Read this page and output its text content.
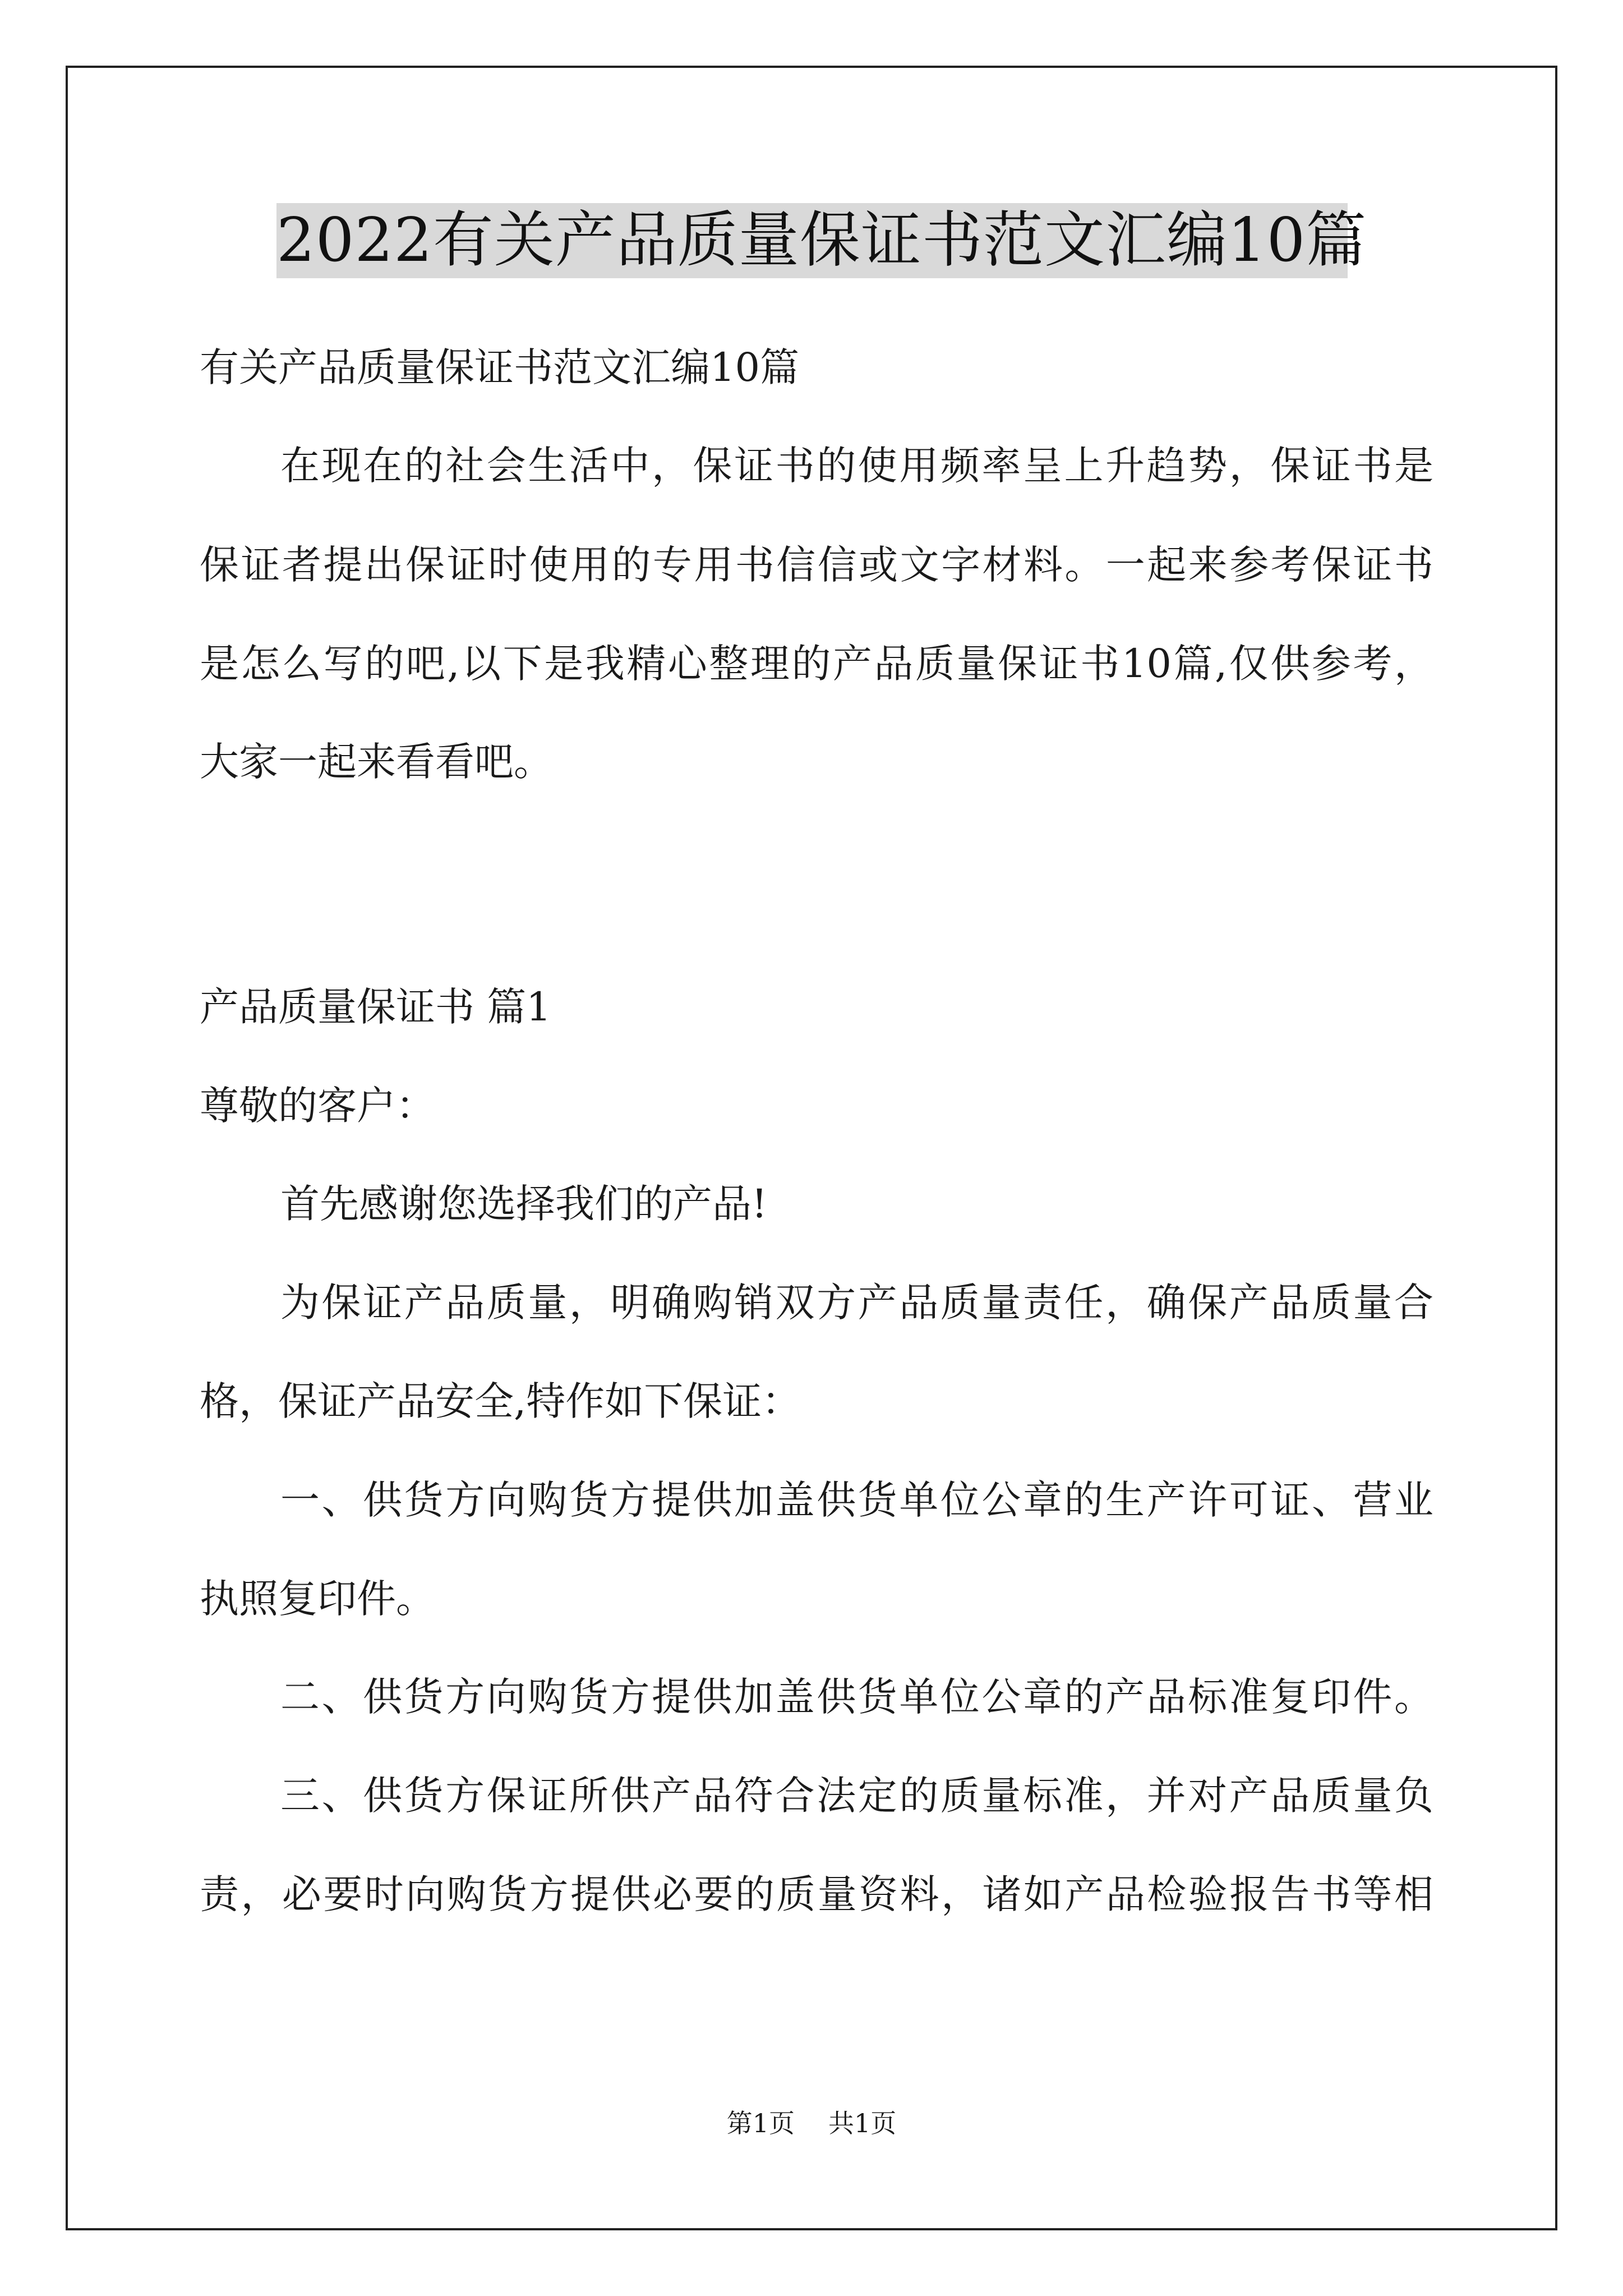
2022有关产品质量保证书范文汇编10篇
有关产品质量保证书范文汇编10篇
在现在的社会生活中，保证书的使用频率呈上升趋势，保证书是
保证者提出保证时使用的专用书信信或文字材料。一起来参考保证书
是怎么写的吧,以下是我精心整理的产品质量保证书10篇,仅供参考，
大家一起来看看吧。
产品质量保证书 篇1
尊敬的客户：
首先感谢您选择我们的产品!
为保证产品质量，明确购销双方产品质量责任，确保产品质量合
格，保证产品安全,特作如下保证：
一、供货方向购货方提供加盖供货单位公章的生产许可证、营业
执照复印件。
二、供货方向购货方提供加盖供货单位公章的产品标准复印件。
三、供货方保证所供产品符合法定的质量标准，并对产品质量负
责，必要时向购货方提供必要的质量资料，诸如产品检验报告书等相
第1页 共1页
